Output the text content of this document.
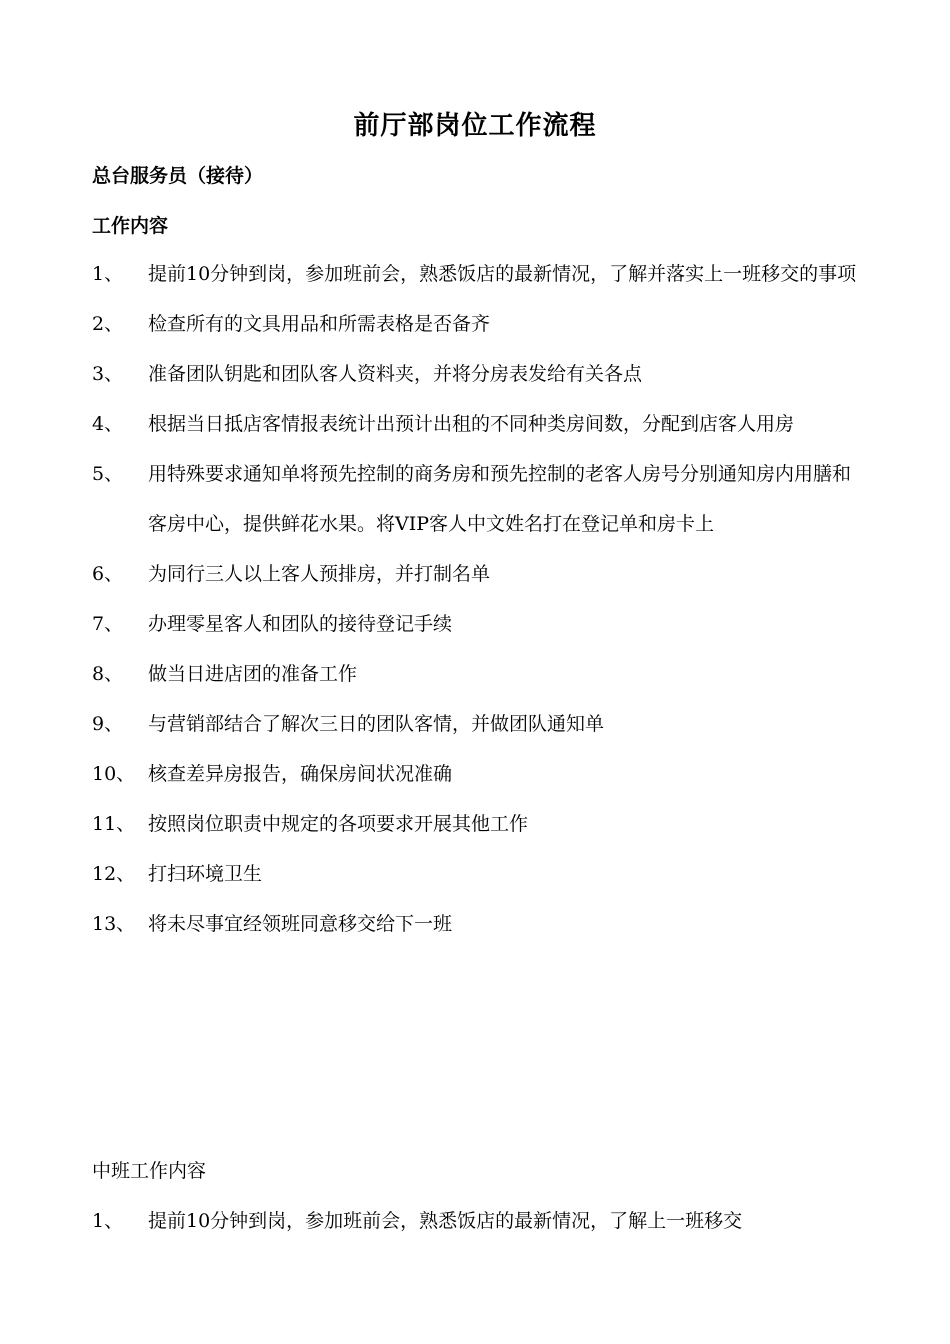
前厅部岗位工作流程
总台服务员（接待）
工作内容
1、	提前10分钟到岗，参加班前会，熟悉饭店的最新情况，了解并落实上一班移交的事项
2、	检查所有的文具用品和所需表格是否备齐
3、	准备团队钥匙和团队客人资料夹，并将分房表发给有关各点
4、	根据当日抵店客情报表统计出预计出租的不同种类房间数，分配到店客人用房
5、	用特殊要求通知单将预先控制的商务房和预先控制的老客人房号分别通知房内用膳和客房中心，提供鲜花水果。将VIP客人中文姓名打在登记单和房卡上
6、	为同行三人以上客人预排房，并打制名单
7、	办理零星客人和团队的接待登记手续
8、	做当日进店团的准备工作
9、	与营销部结合了解次三日的团队客情，并做团队通知单
10、 核查差异房报告，确保房间状况准确
11、 按照岗位职责中规定的各项要求开展其他工作
12、 打扫环境卫生
13、 将未尽事宜经领班同意移交给下一班
中班工作内容
1、	提前10分钟到岗，参加班前会，熟悉饭店的最新情况，了解上一班移交
